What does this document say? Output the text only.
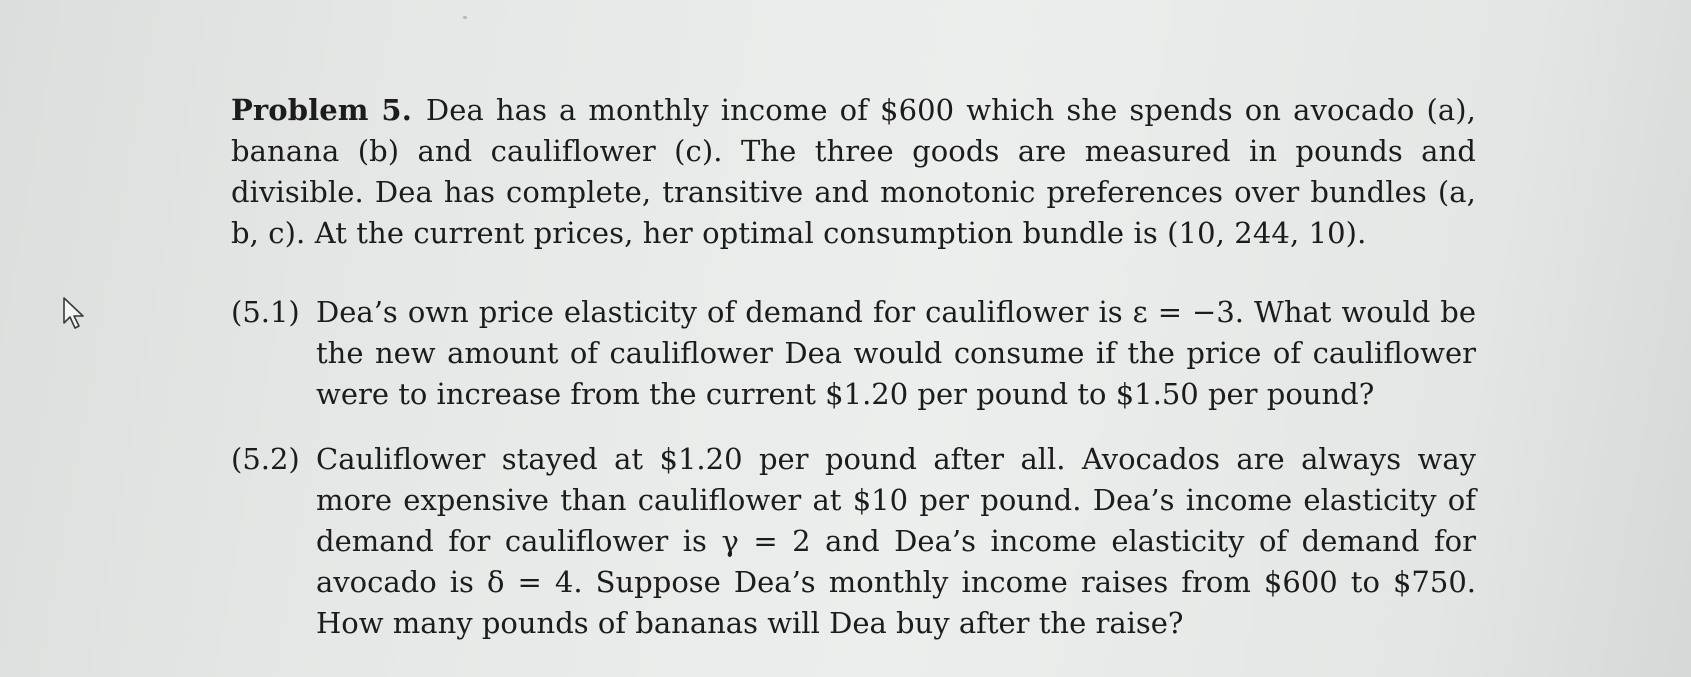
Problem 5. Dea has a monthly income of $600 which she spends on avocado (a), banana (b) and cauliflower (c). The three goods are measured in pounds and divisible. Dea has complete, transitive and monotonic preferences over bundles (a, b, c). At the current prices, her optimal consumption bundle is (10, 244, 10).
(5.1) Dea’s own price elasticity of demand for cauliflower is ε = −3. What would be the new amount of cauliflower Dea would consume if the price of cauliflower were to increase from the current $1.20 per pound to $1.50 per pound?
(5.2) Cauliflower stayed at $1.20 per pound after all. Avocados are always way more expensive than cauliflower at $10 per pound. Dea’s income elasticity of demand for cauliflower is γ = 2 and Dea’s income elasticity of demand for avocado is δ = 4. Suppose Dea’s monthly income raises from $600 to $750. How many pounds of bananas will Dea buy after the raise?
